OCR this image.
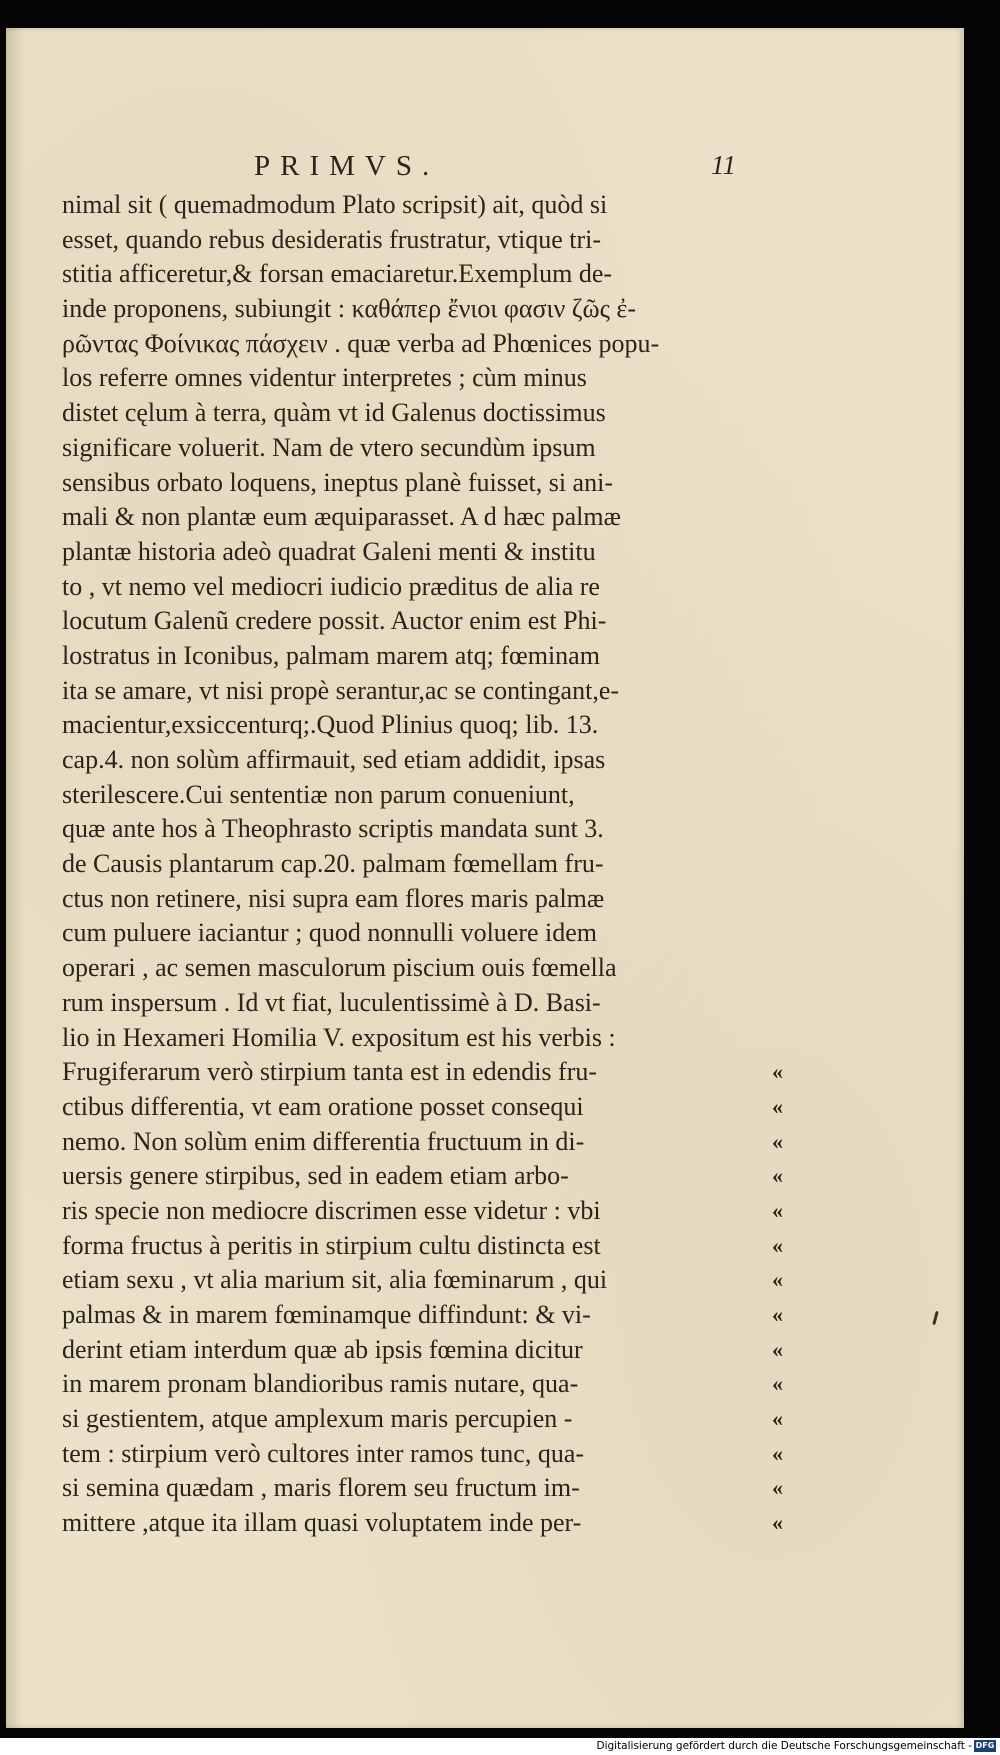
PRIMVS.	11
nimal sit ( quemadmodum Plato scripsit) ait, quòd si
esset, quando rebus desideratis frustratur, vtique tri-
stitia afficeretur,& forsan emaciaretur.Exemplum de-
inde proponens, subiungit : καθάπερ ἔνιοι φασιν ζῶς ἐ-
ρῶντας Φοίνικας πάσχειν . quæ verba ad Phœnices popu-
los referre omnes videntur interpretes ; cùm minus
distet cęlum à terra, quàm vt id Galenus doctissimus
significare voluerit. Nam de vtero secundùm ipsum
sensibus orbato loquens, ineptus planè fuisset, si ani-
mali & non plantæ eum æquiparasset. A d hæc palmæ
plantæ historia adeò quadrat Galeni menti & institu
to , vt nemo vel mediocri iudicio præditus de alia re
locutum Galenũ credere possit. Auctor enim est Phi-
lostratus in Iconibus, palmam marem atq; fœminam
ita se amare, vt nisi propè serantur,ac se contingant,e-
macientur,exsiccenturq;.Quod Plinius quoq; lib. 13.
cap.4. non solùm affirmauit, sed etiam addidit, ipsas
sterilescere.Cui sententiæ non parum conueniunt,
quæ ante hos à Theophrasto scriptis mandata sunt 3.
de Causis plantarum cap.20. palmam fœmellam fru-
ctus non retinere, nisi supra eam flores maris palmæ
cum puluere iaciantur ; quod nonnulli voluere idem
operari , ac semen masculorum piscium ouis fœmella
rum inspersum . Id vt fiat, luculentissimè à D. Basi-
lio in Hexameri Homilia V. expositum est his verbis :
Frugiferarum verò stirpium tanta est in edendis fru-	«
ctibus differentia, vt eam oratione posset consequi	«
nemo. Non solùm enim differentia fructuum in di-	«
uersis genere stirpibus, sed in eadem etiam arbo-	«
ris specie non mediocre discrimen esse videtur : vbi	«
forma fructus à peritis in stirpium cultu distincta est	«
etiam sexu , vt alia marium sit, alia fœminarum , qui	«
palmas & in marem fœminamque diffindunt: & vi-	«
derint etiam interdum quæ ab ipsis fœmina dicitur	«
in marem pronam blandioribus ramis nutare, qua-	«
si gestientem, atque amplexum maris percupien -	«
tem : stirpium verò cultores inter ramos tunc, qua-	«
si semina quædam , maris florem seu fructum im-	«
mittere ,atque ita illam quasi voluptatem inde per-	«
Digitalisierung gefördert durch die Deutsche Forschungsgemeinschaft - DFG
